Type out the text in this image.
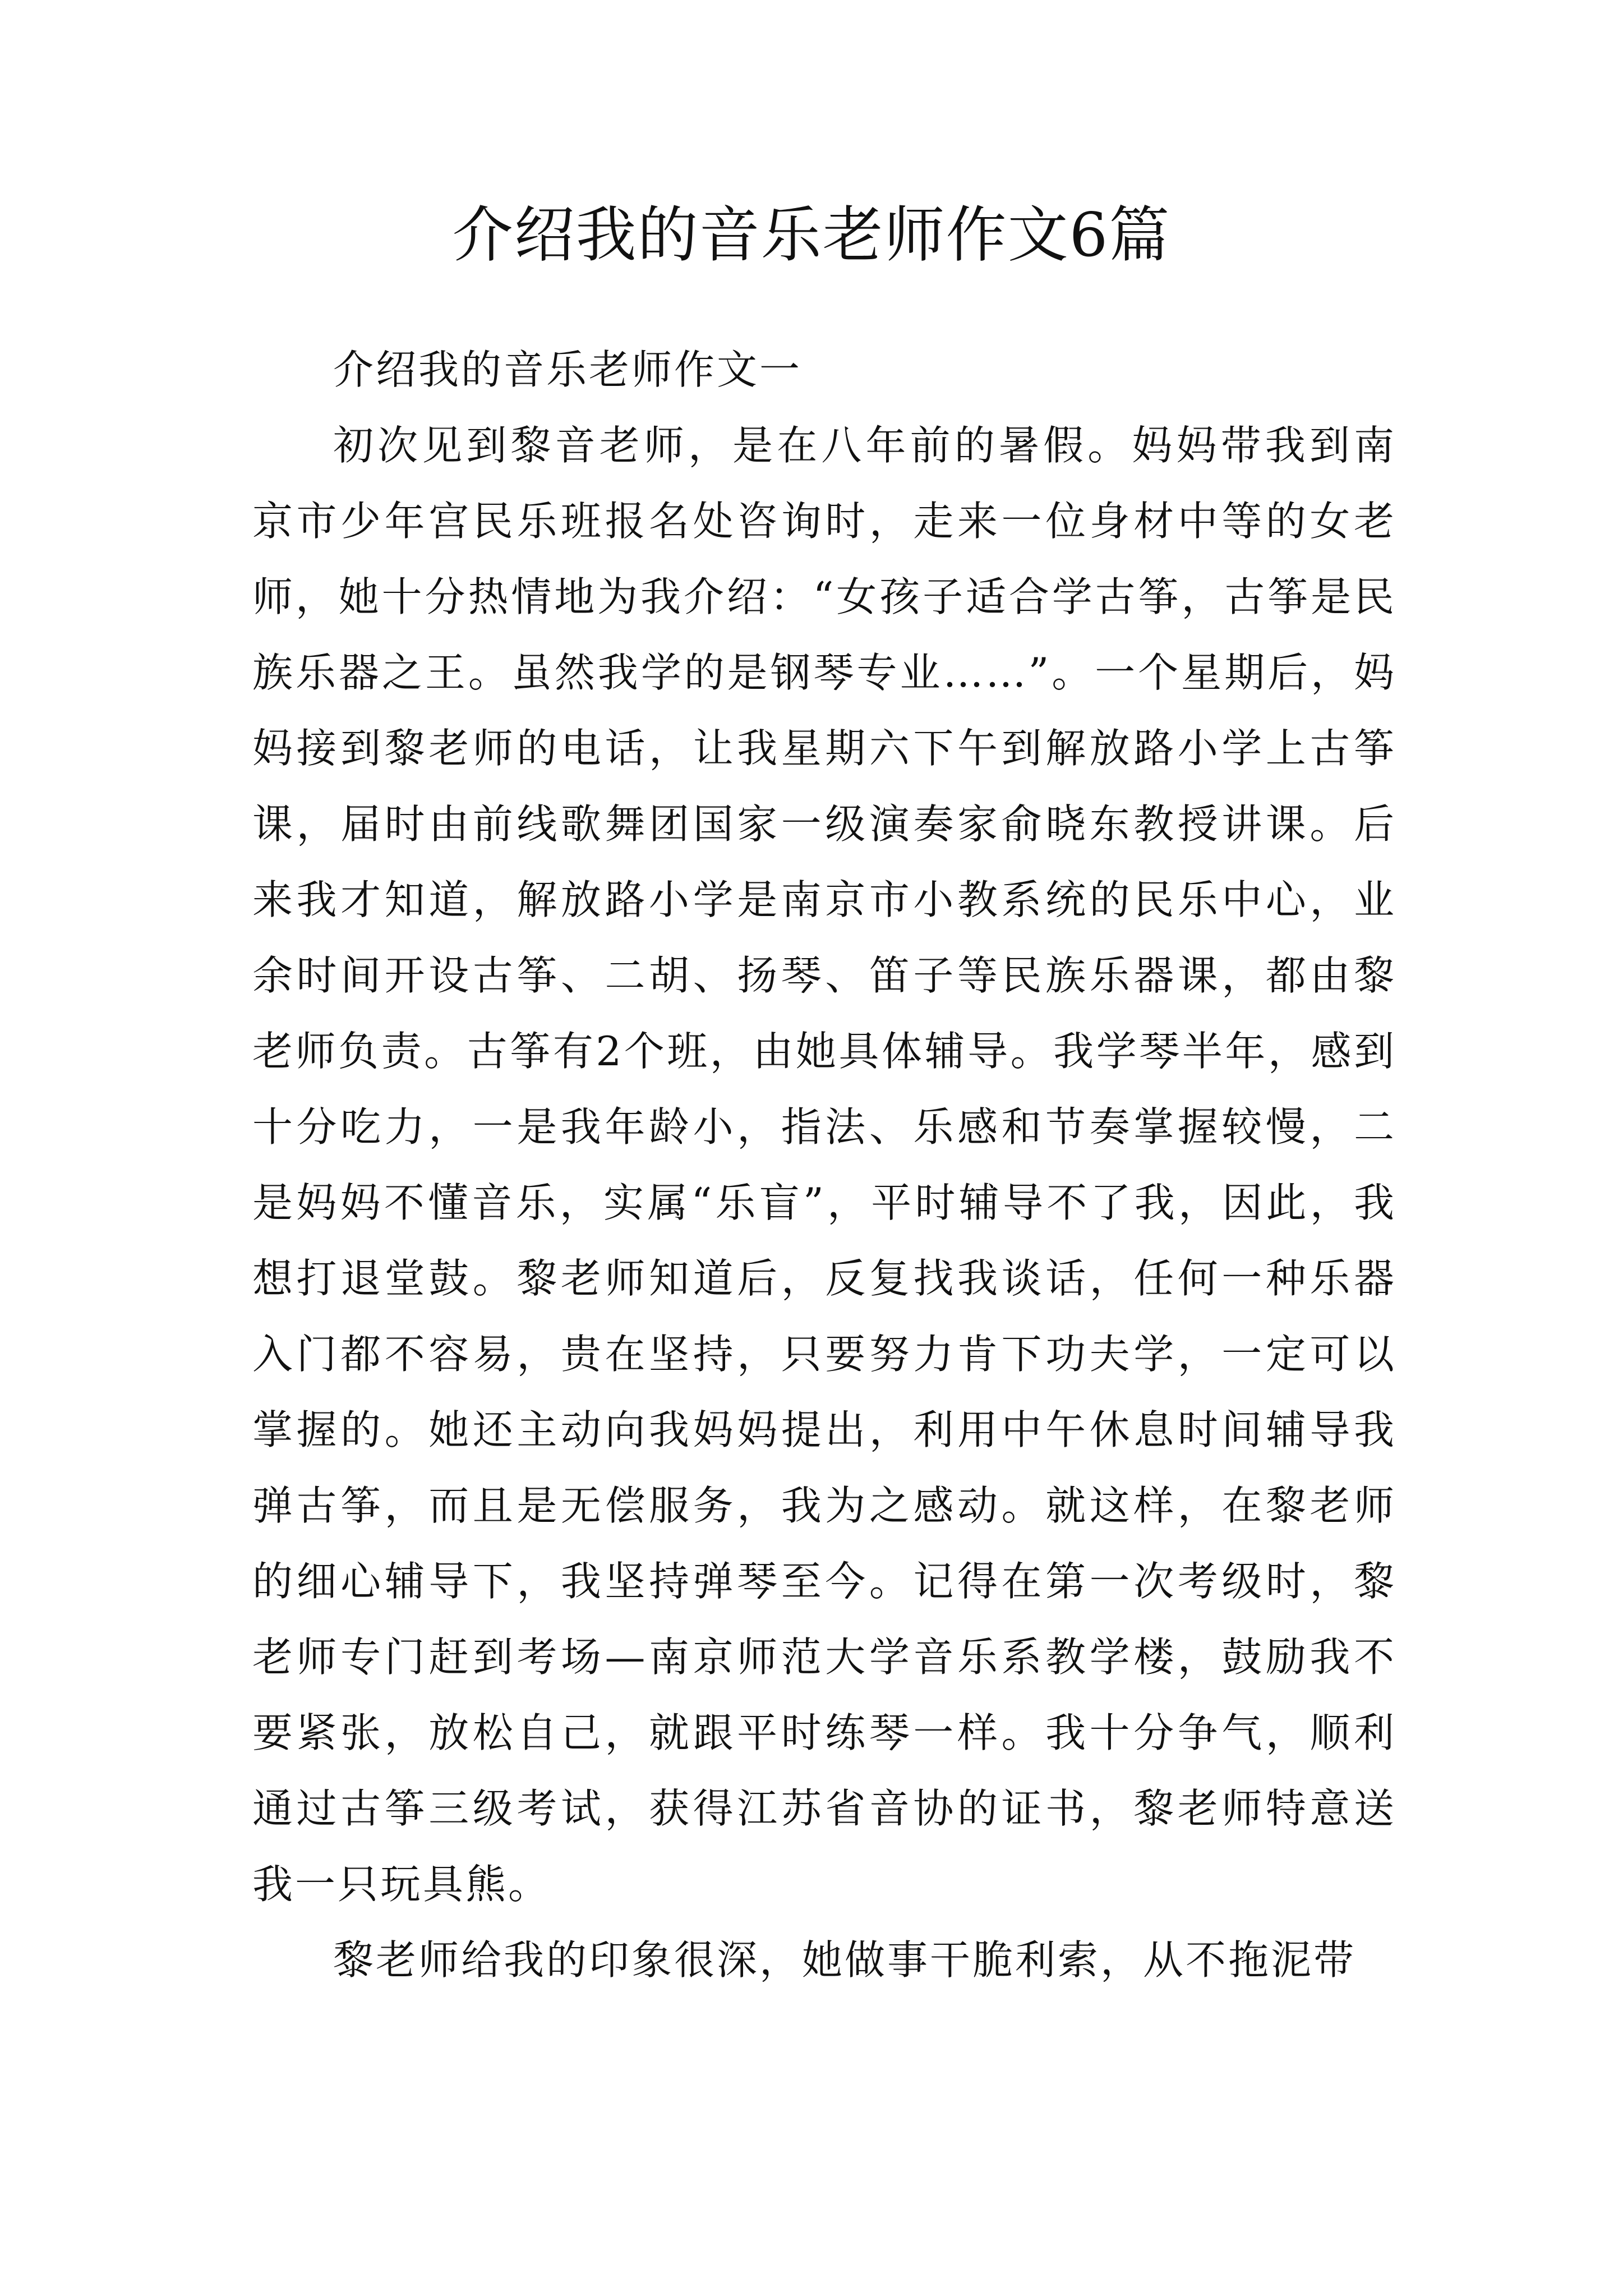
介绍我的音乐老师作文6篇

介绍我的音乐老师作文一

初次见到黎音老师，是在八年前的暑假。妈妈带我到南京市少年宫民乐班报名处咨询时，走来一位身材中等的女老师，她十分热情地为我介绍：“女孩子适合学古筝，古筝是民族乐器之王。虽然我学的是钢琴专业……”。一个星期后，妈妈接到黎老师的电话，让我星期六下午到解放路小学上古筝课，届时由前线歌舞团国家一级演奏家俞晓东教授讲课。后来我才知道，解放路小学是南京市小教系统的民乐中心，业余时间开设古筝、二胡、扬琴、笛子等民族乐器课，都由黎老师负责。古筝有2个班，由她具体辅导。我学琴半年，感到十分吃力，一是我年龄小，指法、乐感和节奏掌握较慢，二是妈妈不懂音乐，实属“乐盲”，平时辅导不了我，因此，我想打退堂鼓。黎老师知道后，反复找我谈话，任何一种乐器入门都不容易，贵在坚持，只要努力肯下功夫学，一定可以掌握的。她还主动向我妈妈提出，利用中午休息时间辅导我弹古筝，而且是无偿服务，我为之感动。就这样，在黎老师的细心辅导下，我坚持弹琴至今。记得在第一次考级时，黎老师专门赶到考场—南京师范大学音乐系教学楼，鼓励我不要紧张，放松自己，就跟平时练琴一样。我十分争气，顺利通过古筝三级考试，获得江苏省音协的证书，黎老师特意送我一只玩具熊。

黎老师给我的印象很深，她做事干脆利索，从不拖泥带
